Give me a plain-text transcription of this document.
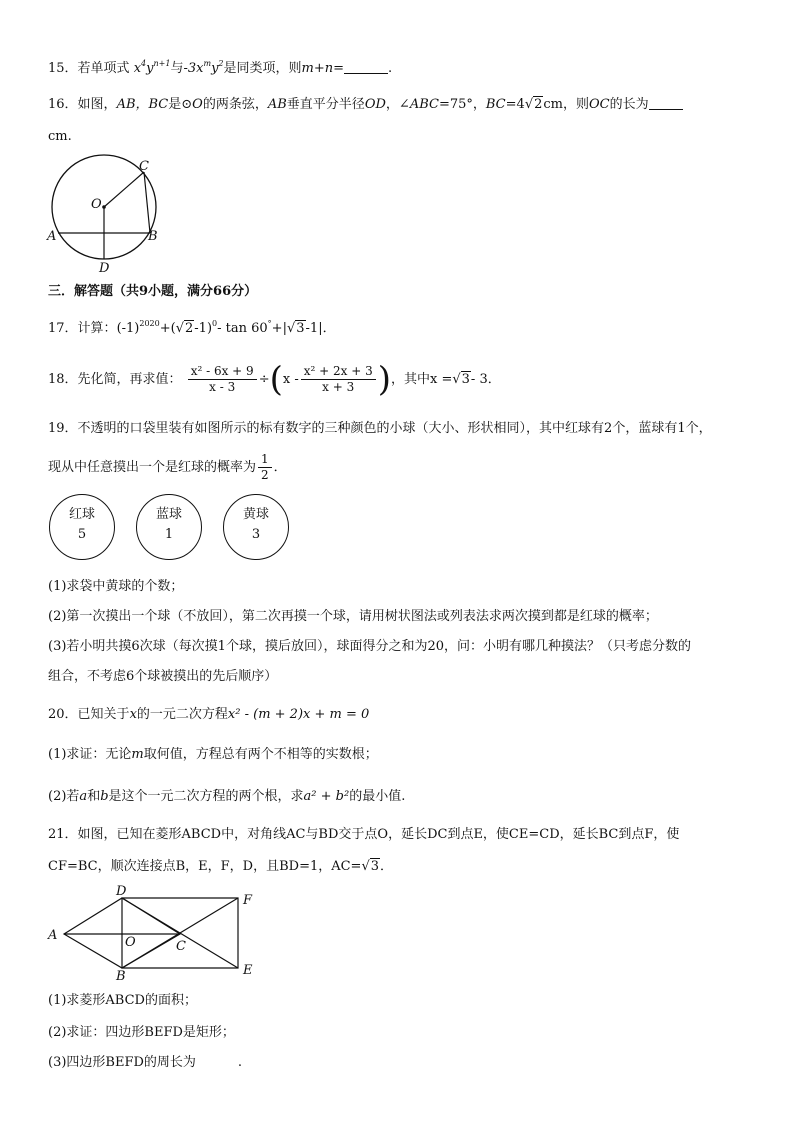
15．若单项式 $x^4y^{n+1}$与$-3x^my^2$是同类项，则m+n=	.
16．如图，AB，BC是⊙O的两条弦，AB垂直平分半径OD，∠ABC=75°，BC=4√2cm，则OC的长为
cm.
C
O
A	B
D
三．解答题（共9小题，满分66分）
17．计算：$(-1)^{2020}+(√2-1)^0-$ tan 60°+|√3-1|．
18．先化简，再求值： $\frac{\text{x² - 6x + 9}}{x - 3} \div(x - \frac{\text{x² + 2x + 3}}{x + 3}$ )，其中x =√3- 3．
19．不透明的口袋里装有如图所示的标有数字的三种颜色的小球（大小、形状相同），其中红球有2个，蓝球有1个，
现从中任意摸出一个是红球的概率为 $\frac{1}{2}$ ．
红球
5
蓝球
1
黄球
3
(1)求袋中黄球的个数；
(2)第一次摸出一个球（不放回），第二次再摸一个球，请用树状图法或列表法求两次摸到都是红球的概率；
(3)若小明共摸6次球（每次摸1个球，摸后放回），球面得分之和为20，问：小明有哪几种摸法？（只考虑分数的
组合，不考虑6个球被摸出的先后顺序）
20．已知关于x的一元二次方程x² - (m + 2)x + m = 0
(1)求证：无论m取何值，方程总有两个不相等的实数根；
(2)若a和b是这个一元二次方程的两个根，求a² + b²的最小值.
21．如图，已知在菱形ABCD中，对角线AC与BD交于点O，延长DC到点E，使CE=CD，延长BC到点F，使
CF=BC，顺次连接点B，E，F，D，且BD=1，AC=√3．
A
D
B
O	C
F
E
(1)求菱形ABCD的面积；
(2)求证：四边形BEFD是矩形；
(3)四边形BEFD的周长为	.
